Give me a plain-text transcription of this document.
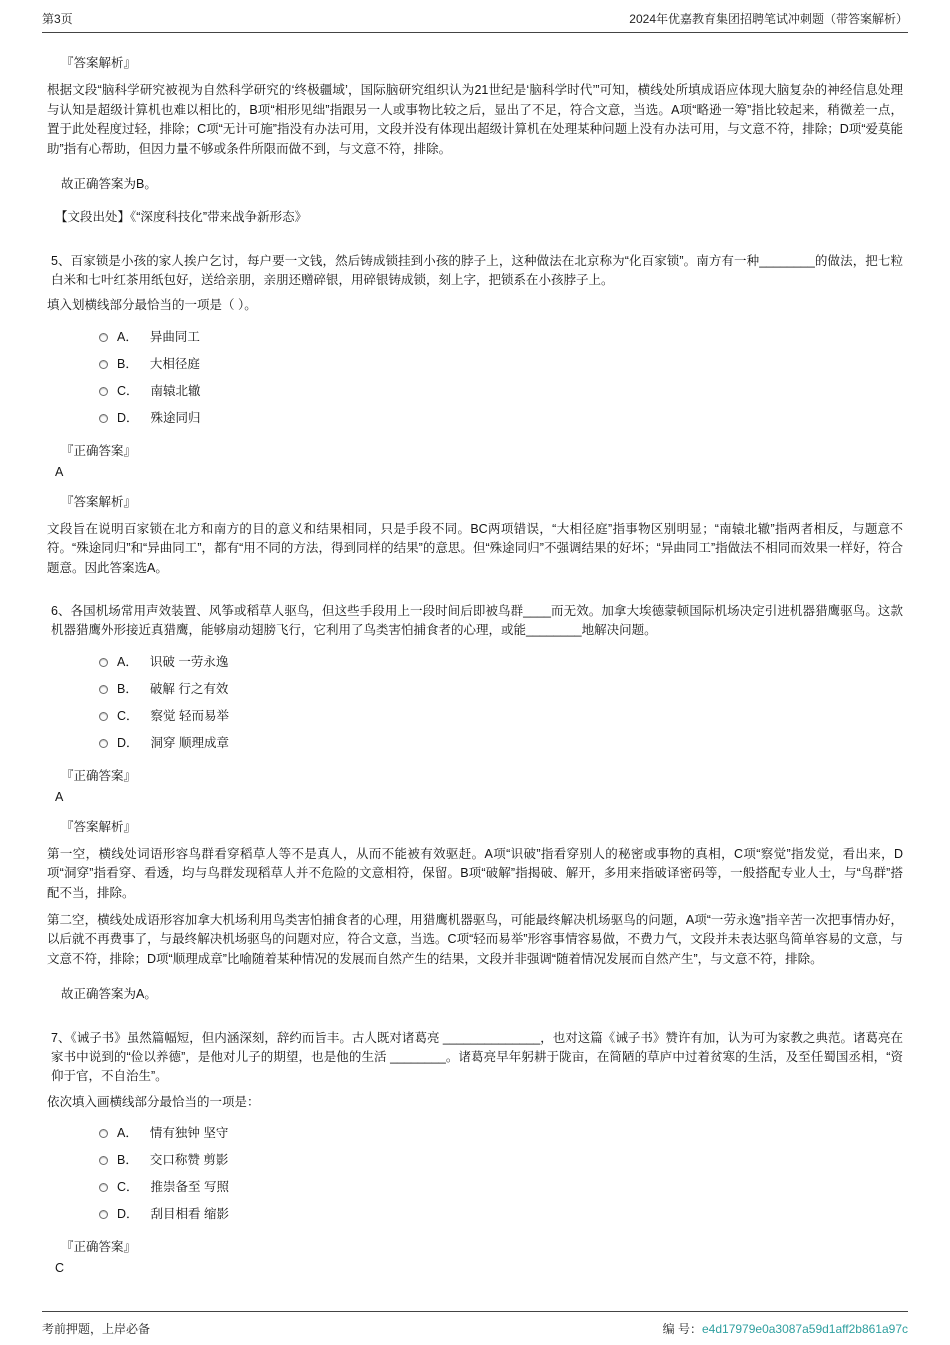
第3页	2024年优嘉教育集团招聘笔试冲刺题（带答案解析）
『答案解析』

根据文段“脑科学研究被视为自然科学研究的‘终极疆域’，国际脑研究组织认为21世纪是‘脑科学时代’”可知，横线处所填成语应体现大脑复杂的神经信息处理与认知是超级计算机也难以相比的，B项“相形见绌”指跟另一人或事物比较之后，显出了不足，符合文意，当选。A项“略逊一筹”指比较起来，稍微差一点，置于此处程度过轻，排除；C项“无计可施”指没有办法可用，文段并没有体现出超级计算机在处理某种问题上没有办法可用，与文意不符，排除；D项“爱莫能助”指有心帮助，但因力量不够或条件所限而做不到，与文意不符，排除。

故正确答案为B。
【文段出处】《“深度科技化”带来战争新形态》

5、百家锁是小孩的家人挨户乞讨，每户要一文钱，然后铸成锁挂到小孩的脖子上，这种做法在北京称为“化百家锁”。南方有一种________的做法，把七粒白米和七叶红茶用纸包好，送给亲朋，亲朋还赠碎银，用碎银铸成锁，刻上字，把锁系在小孩脖子上。

填入划横线部分最恰当的一项是（ ）。
A． 异曲同工
B． 大相径庭
C． 南辕北辙
D． 殊途同归
『正确答案』
A
『答案解析』

文段旨在说明百家锁在北方和南方的目的意义和结果相同，只是手段不同。BC两项错误，“大相径庭”指事物区别明显；“南辕北辙”指两者相反，与题意不符。“殊途同归”和“异曲同工”，都有“用不同的方法，得到同样的结果”的意思。但“殊途同归”不强调结果的好坏；“异曲同工”指做法不相同而效果一样好，符合题意。因此答案选A。

6、各国机场常用声效装置、风筝或稻草人驱鸟，但这些手段用上一段时间后即被鸟群____而无效。加拿大埃德蒙顿国际机场决定引进机器猎鹰驱鸟。这款机器猎鹰外形接近真猎鹰，能够扇动翅膀飞行，它利用了鸟类害怕捕食者的心理，或能________地解决问题。

A． 识破 一劳永逸
B． 破解 行之有效
C． 察觉 轻而易举
D． 洞穿 顺理成章
『正确答案』
A
『答案解析』

第一空，横线处词语形容鸟群看穿稻草人等不是真人，从而不能被有效驱赶。A项“识破”指看穿别人的秘密或事物的真相，C项“察觉”指发觉，看出来，D项“洞穿”指看穿、看透，均与鸟群发现稻草人并不危险的文意相符，保留。B项“破解”指揭破、解开，多用来指破译密码等，一般搭配专业人士，与“鸟群”搭配不当，排除。

第二空，横线处成语形容加拿大机场利用鸟类害怕捕食者的心理，用猎鹰机器驱鸟，可能最终解决机场驱鸟的问题，A项“一劳永逸”指辛苦一次把事情办好，以后就不再费事了，与最终解决机场驱鸟的问题对应，符合文意，当选。C项“轻而易举”形容事情容易做，不费力气，文段并未表达驱鸟简单容易的文意，与文意不符，排除；D项“顺理成章”比喻随着某种情况的发展而自然产生的结果，文段并非强调“随着情况发展而自然产生”，与文意不符，排除。

故正确答案为A。

7、《诫子书》虽然篇幅短，但内涵深刻，辞约而旨丰。古人既对诸葛亮 ______________，也对这篇《诫子书》赞许有加，认为可为家教之典范。诸葛亮在家书中说到的“俭以养德”，是他对儿子的期望，也是他的生活 ________。诸葛亮早年躬耕于陇亩，在简陋的草庐中过着贫寒的生活，及至任蜀国丞相，“资仰于官，不自治生”。

依次填入画横线部分最恰当的一项是：
A． 情有独钟 坚守
B． 交口称赞 剪影
C． 推崇备至 写照
D． 刮目相看 缩影
『正确答案』
C
考前押题，上岸必备	编 号：e4d17979e0a3087a59d1aff2b861a97c
